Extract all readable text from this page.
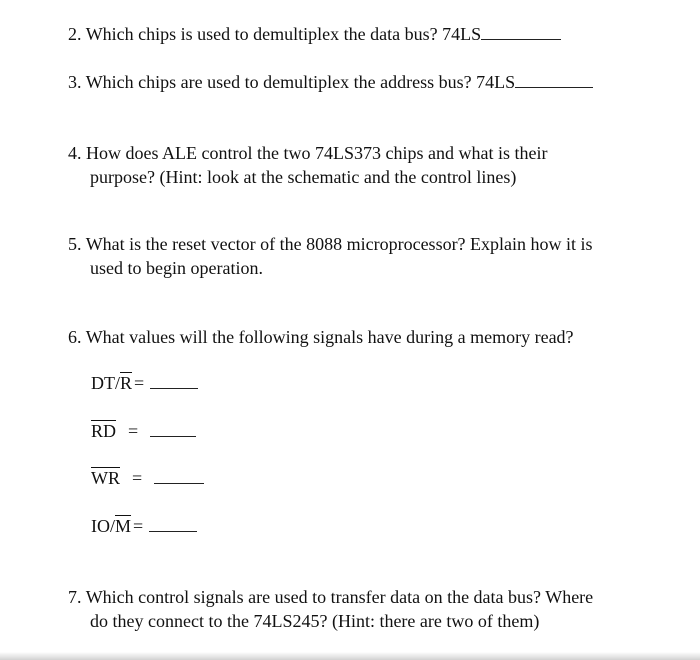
2. Which chips is used to demultiplex the data bus? 74LS

3. Which chips are used to demultiplex the address bus? 74LS

4. How does ALE control the two 74LS373 chips and what is their
purpose? (Hint: look at the schematic and the control lines)
5. What is the reset vector of the 8088 microprocessor? Explain how it is
used to begin operation.

6. What values will the following signals have during a memory read?

$DT/\overline{R}$ =
$\overline{RD}$ =
$\overline{WR}$ =
$IO/\overline{M}$ =
7. Which control signals are used to transfer data on the data bus? Where
do they connect to the 74LS245? (Hint: there are two of them)
